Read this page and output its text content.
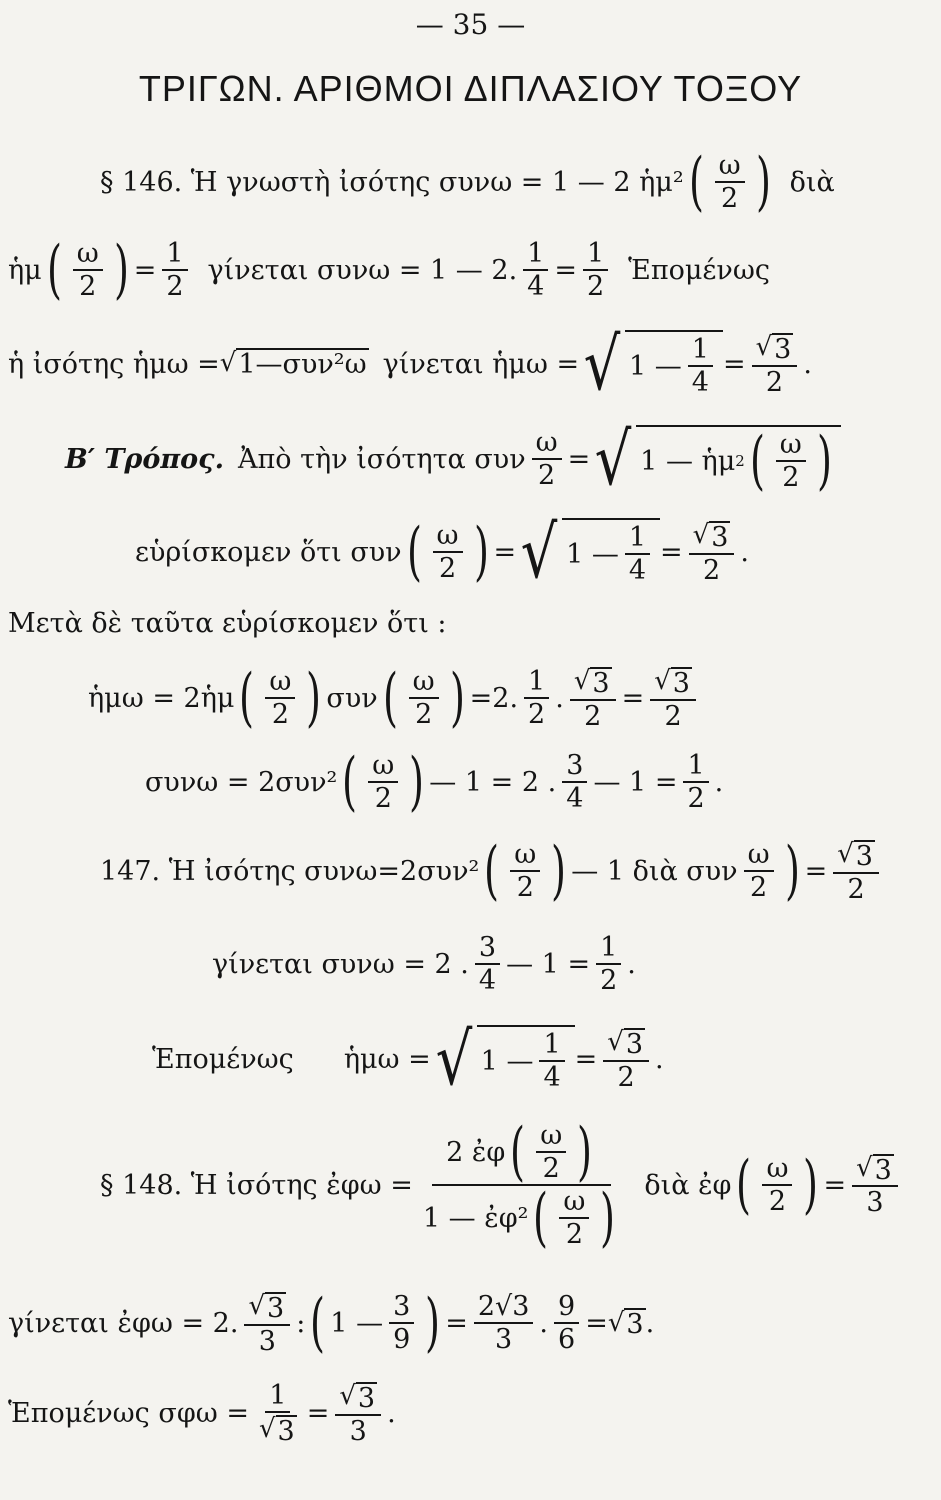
— 35 —
ΤΡΙΓΩΝ. ΑΡΙΘΜΟΙ ΔΙΠΛΑΣΙΟΥ ΤΟΞΟΥ
§ 146. Ἡ γνωστὴ ἰσότης συνω = 1 — 2 ἡμ² ( $\frac{\omega}{2}$ ) διὰ
ἡμ ( $\frac{\omega}{2}$ ) = $\frac{1}{2}$ γίνεται συνω = 1 — 2. $\frac{1}{4} = \frac{1}{2}$ Ἑπομένως
ἡ ἰσότης ἡμω = √ 1—συν²ω γίνεται ἡμω = √ 1
— $\frac{1}{4} = \frac{√ 3}{2}$ .
Β′ Τρόπος. Ἀπὸ τὴν ἰσότητα συν $\frac{\omega}{2}$ = √ 1
—
ἡμ 2 ( $\frac{\omega}{2}$ )
εὑρίσκομεν ὅτι συν ( $\frac{\omega}{2}$ ) = √ 1
— $\frac{1}{4} = \frac{√ 3}{2}$ .
Μετὰ δὲ ταῦτα εὑρίσκομεν ὅτι :
ἡμω = 2ἡμ ( $\frac{\omega}{2}$ ) συν ( $\frac{\omega}{2}$ ) = 2 . $\frac{1}{2}$ . $\frac{√ 3}{2} = \frac{√ 3}{2}$
συνω = 2συν² ( $\frac{\omega}{2}$ ) —
1
=
2
. $\frac{3}{4}$ —
1
= $\frac{1}{2}$ .
147. Ἡ ἰσότης συνω=2συν² ( $\frac{\omega}{2}$ ) — 1 διὰ συν $\frac{\omega}{2}$ ) = $\frac{√ 3}{2}$
γίνεται συνω = 2 . $\frac{3}{4}$ —
1
= $\frac{1}{2}$ .
Ἑπομένως ἡμω = √ 1
— $\frac{1}{4} = \frac{√ 3}{2}$ .
§ 148. Ἡ ἰσότης ἐφω = $\frac{2 ἐ\varphi ( \frac{\omega}{2} )}{1 — ἐ\varphi^2 ( \frac{\omega}{2} )}$ διὰ ἐφ ( $\frac{\omega}{2}$ ) = $\frac{√ 3}{3}$
γίνεται ἐφω = 2. $\frac{√ 3}{3}$ : ( 1
— $\frac{3}{9}$ ) = $\frac{2√3}{3}$ . $\frac{9}{6}$ = √ 3 .
Ἑπομένως $\sigma\varphi\omega = \frac{1}{√ 3} = \frac{√ 3}{3}$ .
